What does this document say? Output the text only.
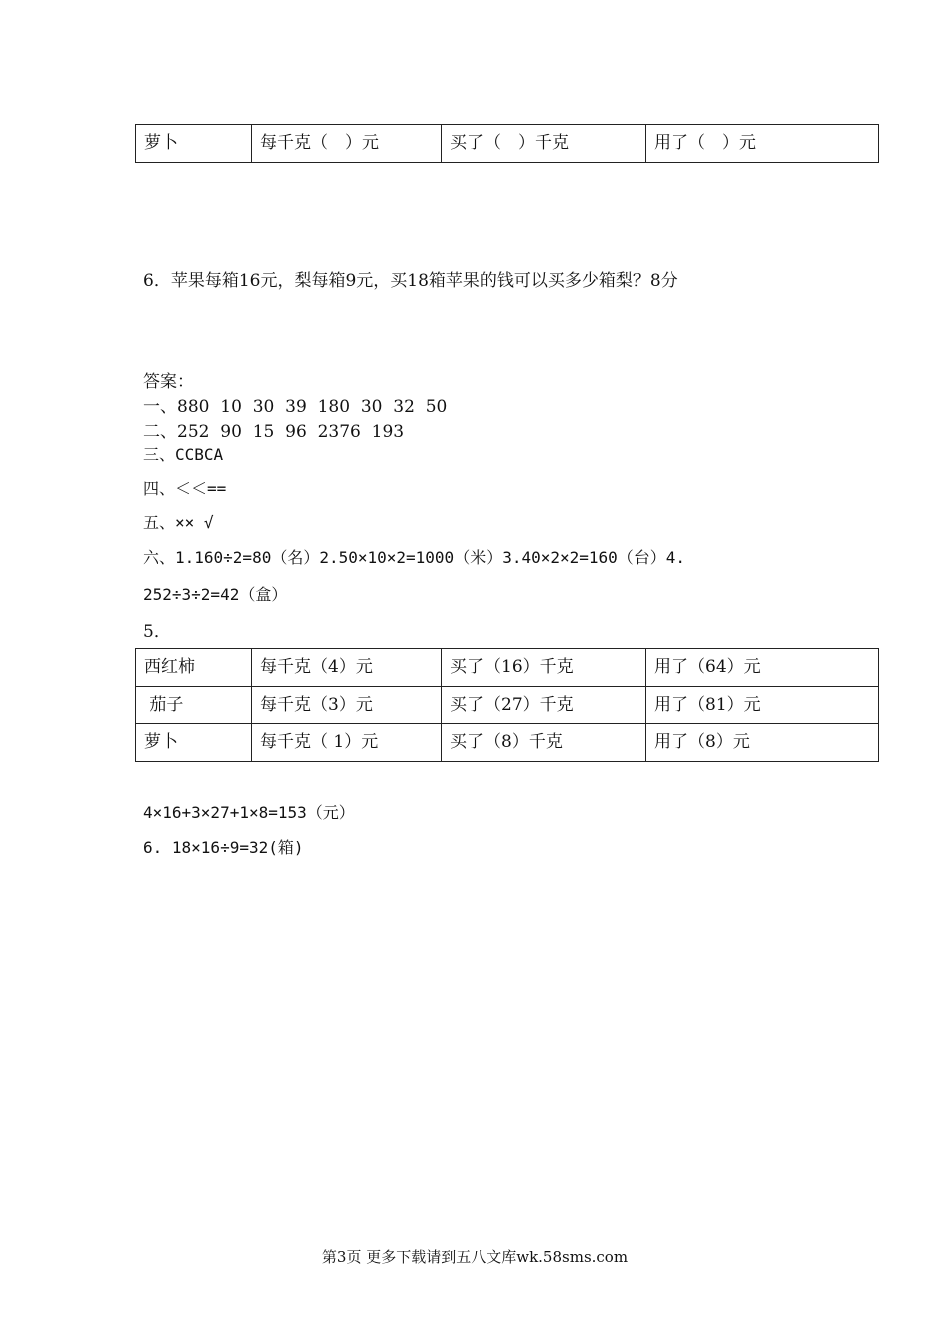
萝卜	每千克（　）元	买了（　）千克	用了（　）元
6．苹果每箱16元，梨每箱9元，买18箱苹果的钱可以买多少箱梨？8分
答案：
一、880  10  30  39  180  30  32  50
二、252  90  15  96  2376  193
三、CCBCA
四、＜＜==
五、×× √
六、1.160÷2=80（名）2.50×10×2=1000（米）3.40×2×2=160（台）4.
252÷3÷2=42（盒）
5．
西红柿	每千克（4）元	买了（16）千克	用了（64）元
茄子	每千克（3）元	买了（27）千克	用了（81）元
萝卜	每千克（ 1）元	买了（8）千克	用了（8）元
4×16+3×27+1×8=153（元）
6. 18×16÷9=32(箱)
第3页 更多下载请到五八文库wk.58sms.com
